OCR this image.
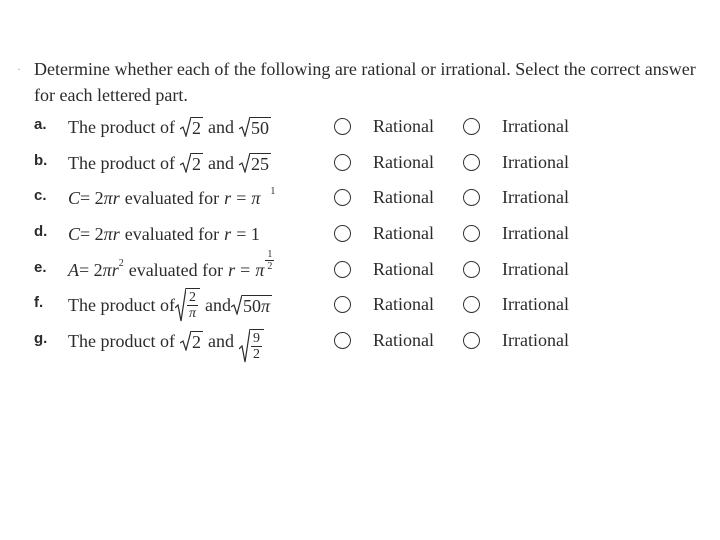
· Determine whether each of the following are rational or irrational. Select the correct answer for each lettered part.

a. The product of 2 and 50	Rational	Irrational
b. The product of 2 and 25	Rational	Irrational
c. C = 2 π r evaluated for r = π 1	Rational	Irrational
d. C = 2 π r evaluated for r = 1	Rational	Irrational
e. A = 2 π r 2 evaluated for r = π $\frac{1}{2}$	Rational	Irrational
f. The product of $\frac{2}{\pi}$ and 50 π	Rational	Irrational
g. The product of 2 and $\frac{9}{2}$	Rational	Irrational
